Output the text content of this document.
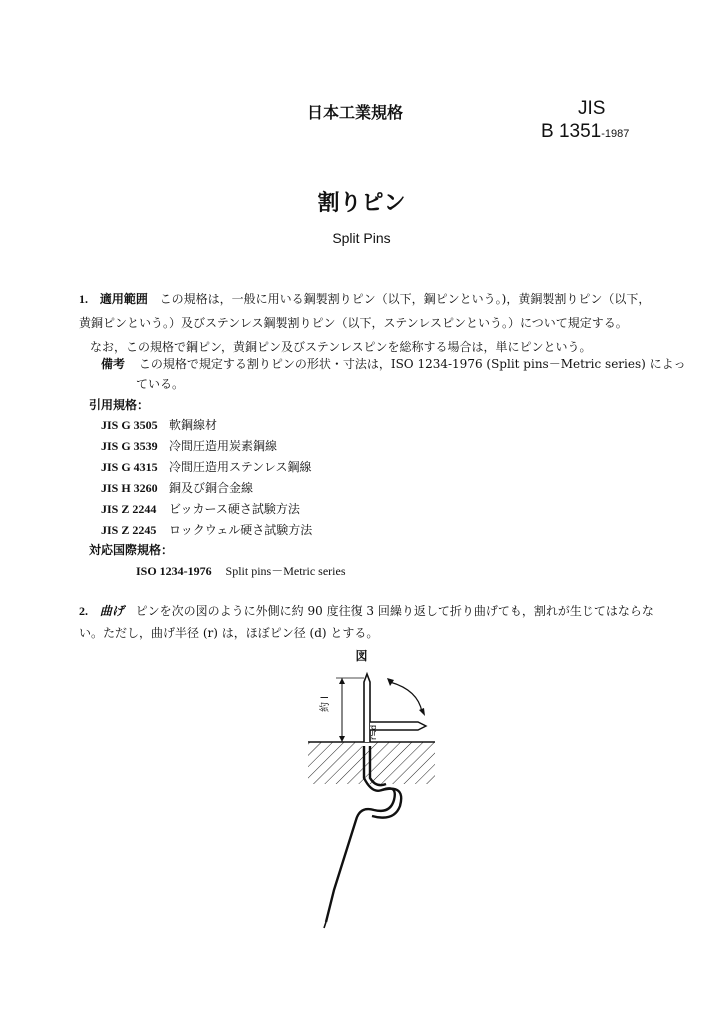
日本工業規格	JIS
B 1351-1987
割りピン
Split Pins
1. 適用範囲 この規格は，一般に用いる鋼製割りピン（以下，鋼ピンという。)，黄銅製割りピン（以下，
黄銅ピンという。）及びステンレス鋼製割りピン（以下，ステンレスピンという。）について規定する。
なお，この規格で鋼ピン，黄銅ピン及びステンレスピンを総称する場合は，単にピンという。
備考 この規格で規定する割りピンの形状・寸法は，ISO 1234-1976 (Split pins－Metric series) によっ
ている。
引用規格：
JIS G 3505 軟鋼線材
JIS G 3539 冷間圧造用炭素鋼線
JIS G 4315 冷間圧造用ステンレス鋼線
JIS H 3260 銅及び銅合金線
JIS Z 2244 ビッカース硬さ試験方法
JIS Z 2245 ロックウェル硬さ試験方法
対応国際規格：
ISO 1234-1976 Split pins－Metric series
2. 曲げ ピンを次の図のように外側に約 90 度往復 3 回繰り返して折り曲げても，割れが生じてはならな
い。ただし，曲げ半径 (r) は，ほぼピン径 (d) とする。
図
約 l
r≒d
